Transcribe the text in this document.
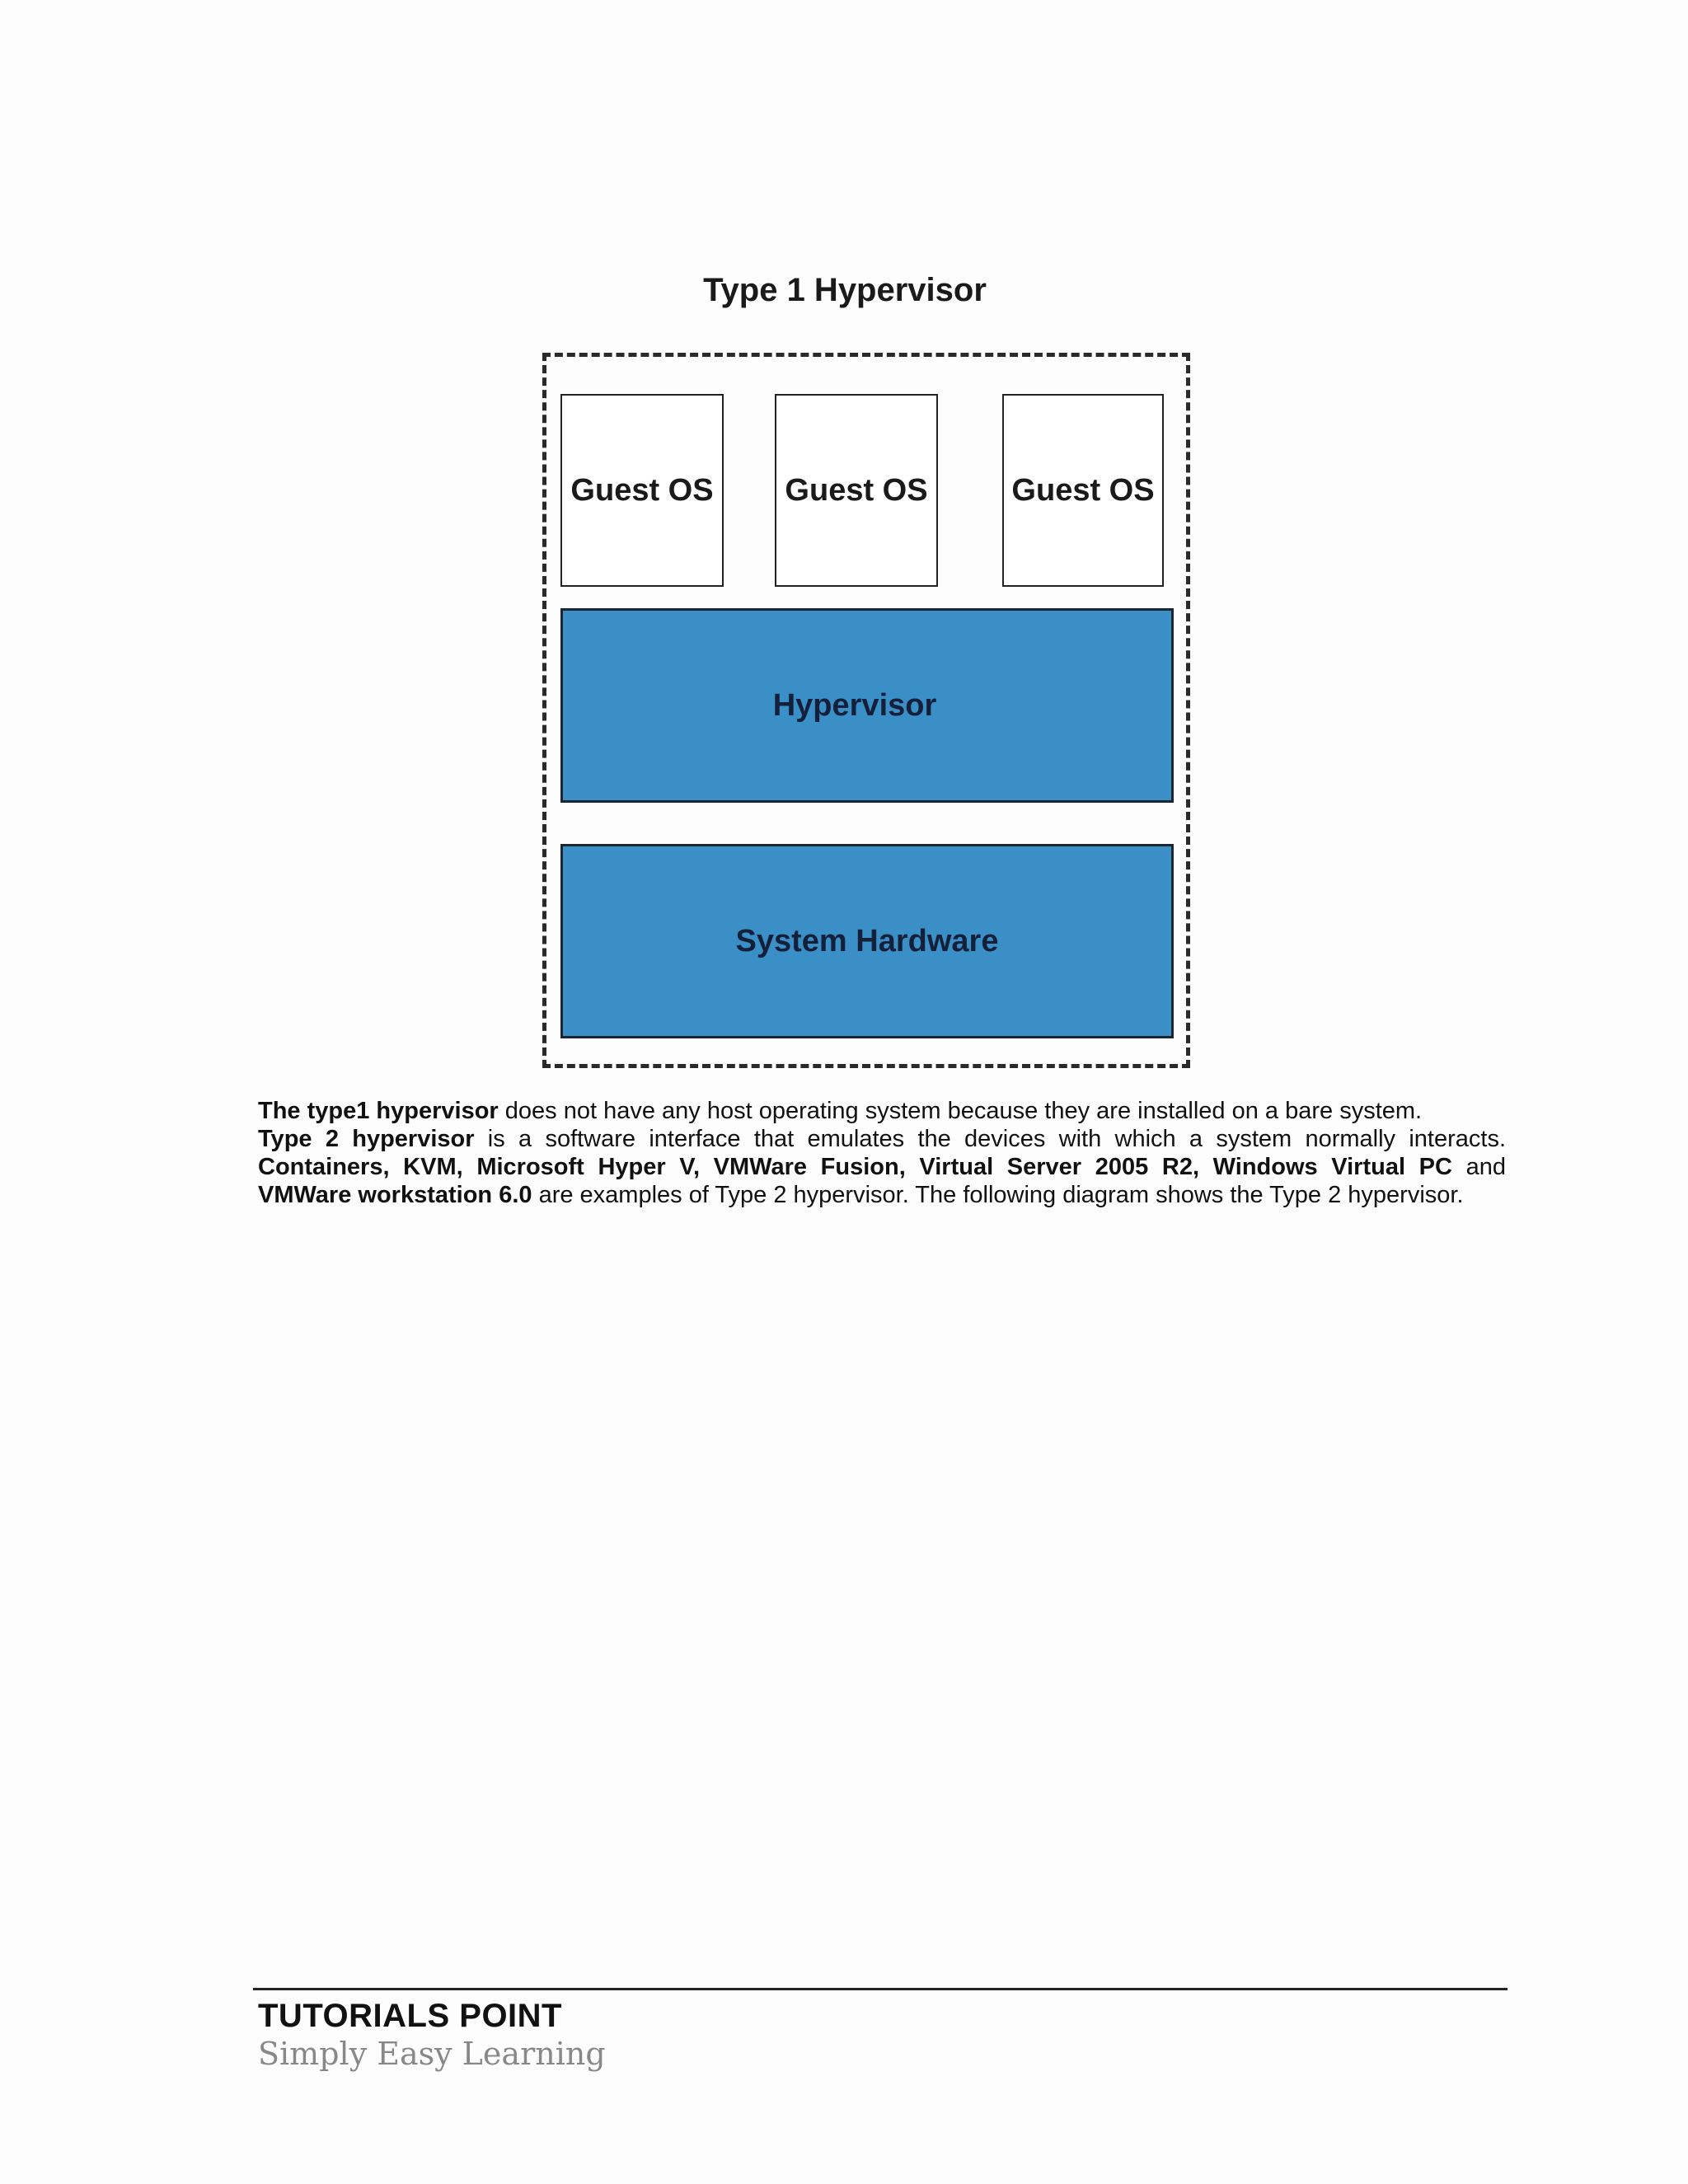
Type 1 Hypervisor
Guest OS	Guest OS	Guest OS
Hypervisor
System Hardware

The type1 hypervisor does not have any host operating system because they are installed on a bare system.

Type 2 hypervisor is a software interface that emulates the devices with which a system normally interacts. Containers, KVM, Microsoft Hyper V, VMWare Fusion, Virtual Server 2005 R2, Windows Virtual PC and VMWare workstation 6.0 are examples of Type 2 hypervisor. The following diagram shows the Type 2 hypervisor.

TUTORIALS POINT
Simply Easy Learning
